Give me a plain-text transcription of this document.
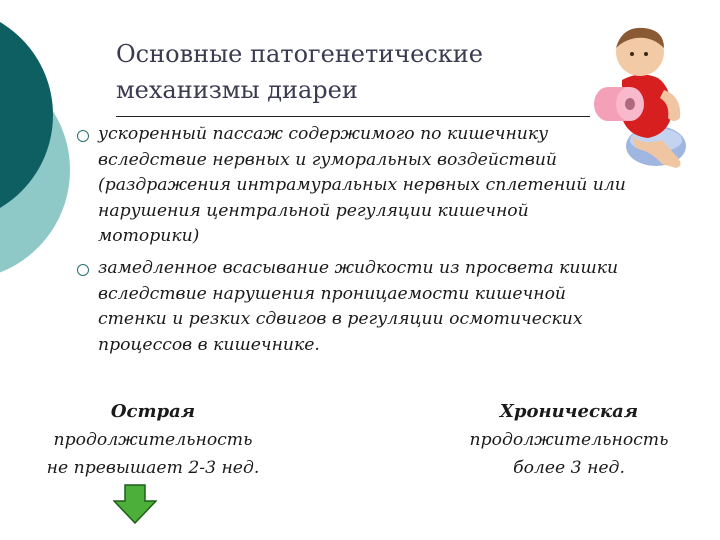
Основные патогенетические
механизмы диареи
ускоренный пассаж содержимого по кишечнику
вследствие нервных и гуморальных воздействий
(раздражения интрамуральных нервных сплетений или
нарушения центральной регуляции кишечной
моторики)
замедленное всасывание жидкости из просвета кишки
вследствие нарушения проницаемости кишечной
стенки и резких сдвигов в регуляции осмотических
процессов в кишечнике.
Острая
продолжительность
не превышает 2-3 нед.
Хроническая
продолжительность
более 3 нед.
